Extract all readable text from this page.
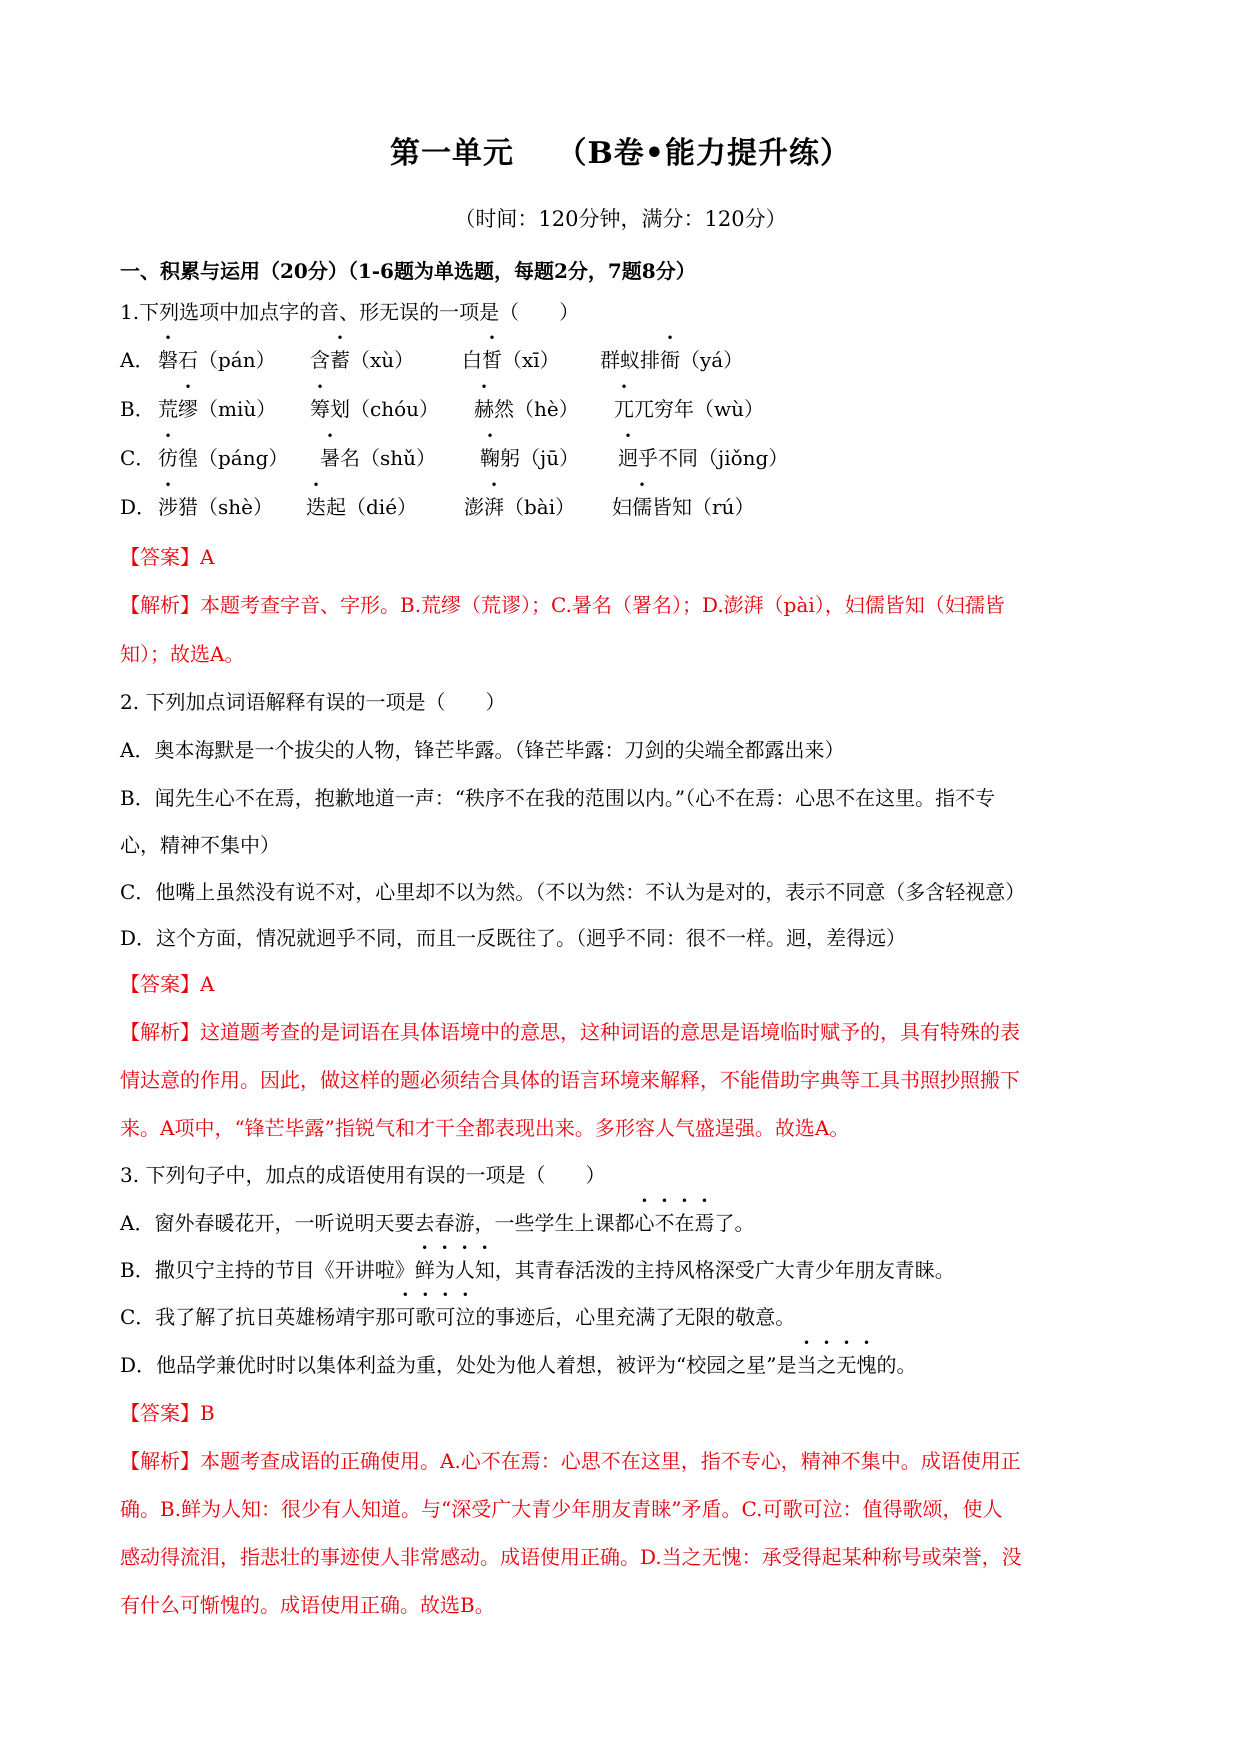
第一单元　 （B卷•能力提升练）
（时间：120分钟，满分：120分）
一、积累与运用（20分）（1-6题为单选题，每题2分，7题8分）
1.下列选项中加点字的音、形无误的一项是（　　）
A． 磐石（pán） 含蓄（xù） 白皙（xī） 群蚁排衙（yá）
B． 荒缪（miù） 筹划（chóu） 赫然（hè） 兀兀穷年（wù）
C． 彷徨（páng） 暑名（shǔ） 鞠躬（jū） 迥乎不同（jiǒng）
D． 涉猎（shè） 迭起（dié） 澎湃（bài） 妇儒皆知（rú）
【答案】A
【解析】本题考查字音、字形。B.荒缪（荒谬）；C.暑名（署名）；D.澎湃（pài），妇儒皆知（妇孺皆
知）；故选A。
2. 下列加点词语解释有误的一项是（　　）
A．奥本海默是一个拔尖的人物，锋芒毕露。（锋芒毕露：刀剑的尖端全都露出来）
B．闻先生心不在焉，抱歉地道一声：“秩序不在我的范围以内。”（心不在焉：心思不在这里。指不专
心，精神不集中）
C．他嘴上虽然没有说不对，心里却不以为然。（不以为然：不认为是对的，表示不同意（多含轻视意）
D．这个方面，情况就迥乎不同，而且一反既往了。（迥乎不同：很不一样。迥，差得远）
【答案】A
【解析】这道题考查的是词语在具体语境中的意思，这种词语的意思是语境临时赋予的，具有特殊的表
情达意的作用。因此，做这样的题必须结合具体的语言环境来解释，不能借助字典等工具书照抄照搬下
来。A项中，“锋芒毕露”指锐气和才干全都表现出来。多形容人气盛逞强。故选A。
3. 下列句子中，加点的成语使用有误的一项是（　　）
A．窗外春暖花开，一听说明天要去春游，一些学生上课都心不在焉了。
B．撒贝宁主持的节目《开讲啦》鲜为人知，其青春活泼的主持风格深受广大青少年朋友青睐。
C．我了解了抗日英雄杨靖宇那可歌可泣的事迹后，心里充满了无限的敬意。
D．他品学兼优时时以集体利益为重，处处为他人着想，被评为“校园之星”是当之无愧的。
【答案】B
【解析】本题考查成语的正确使用。A.心不在焉：心思不在这里，指不专心，精神不集中。成语使用正
确。B.鲜为人知：很少有人知道。与“深受广大青少年朋友青睐”矛盾。C.可歌可泣：值得歌颂，使人
感动得流泪，指悲壮的事迹使人非常感动。成语使用正确。D.当之无愧：承受得起某种称号或荣誉，没
有什么可惭愧的。成语使用正确。故选B。
